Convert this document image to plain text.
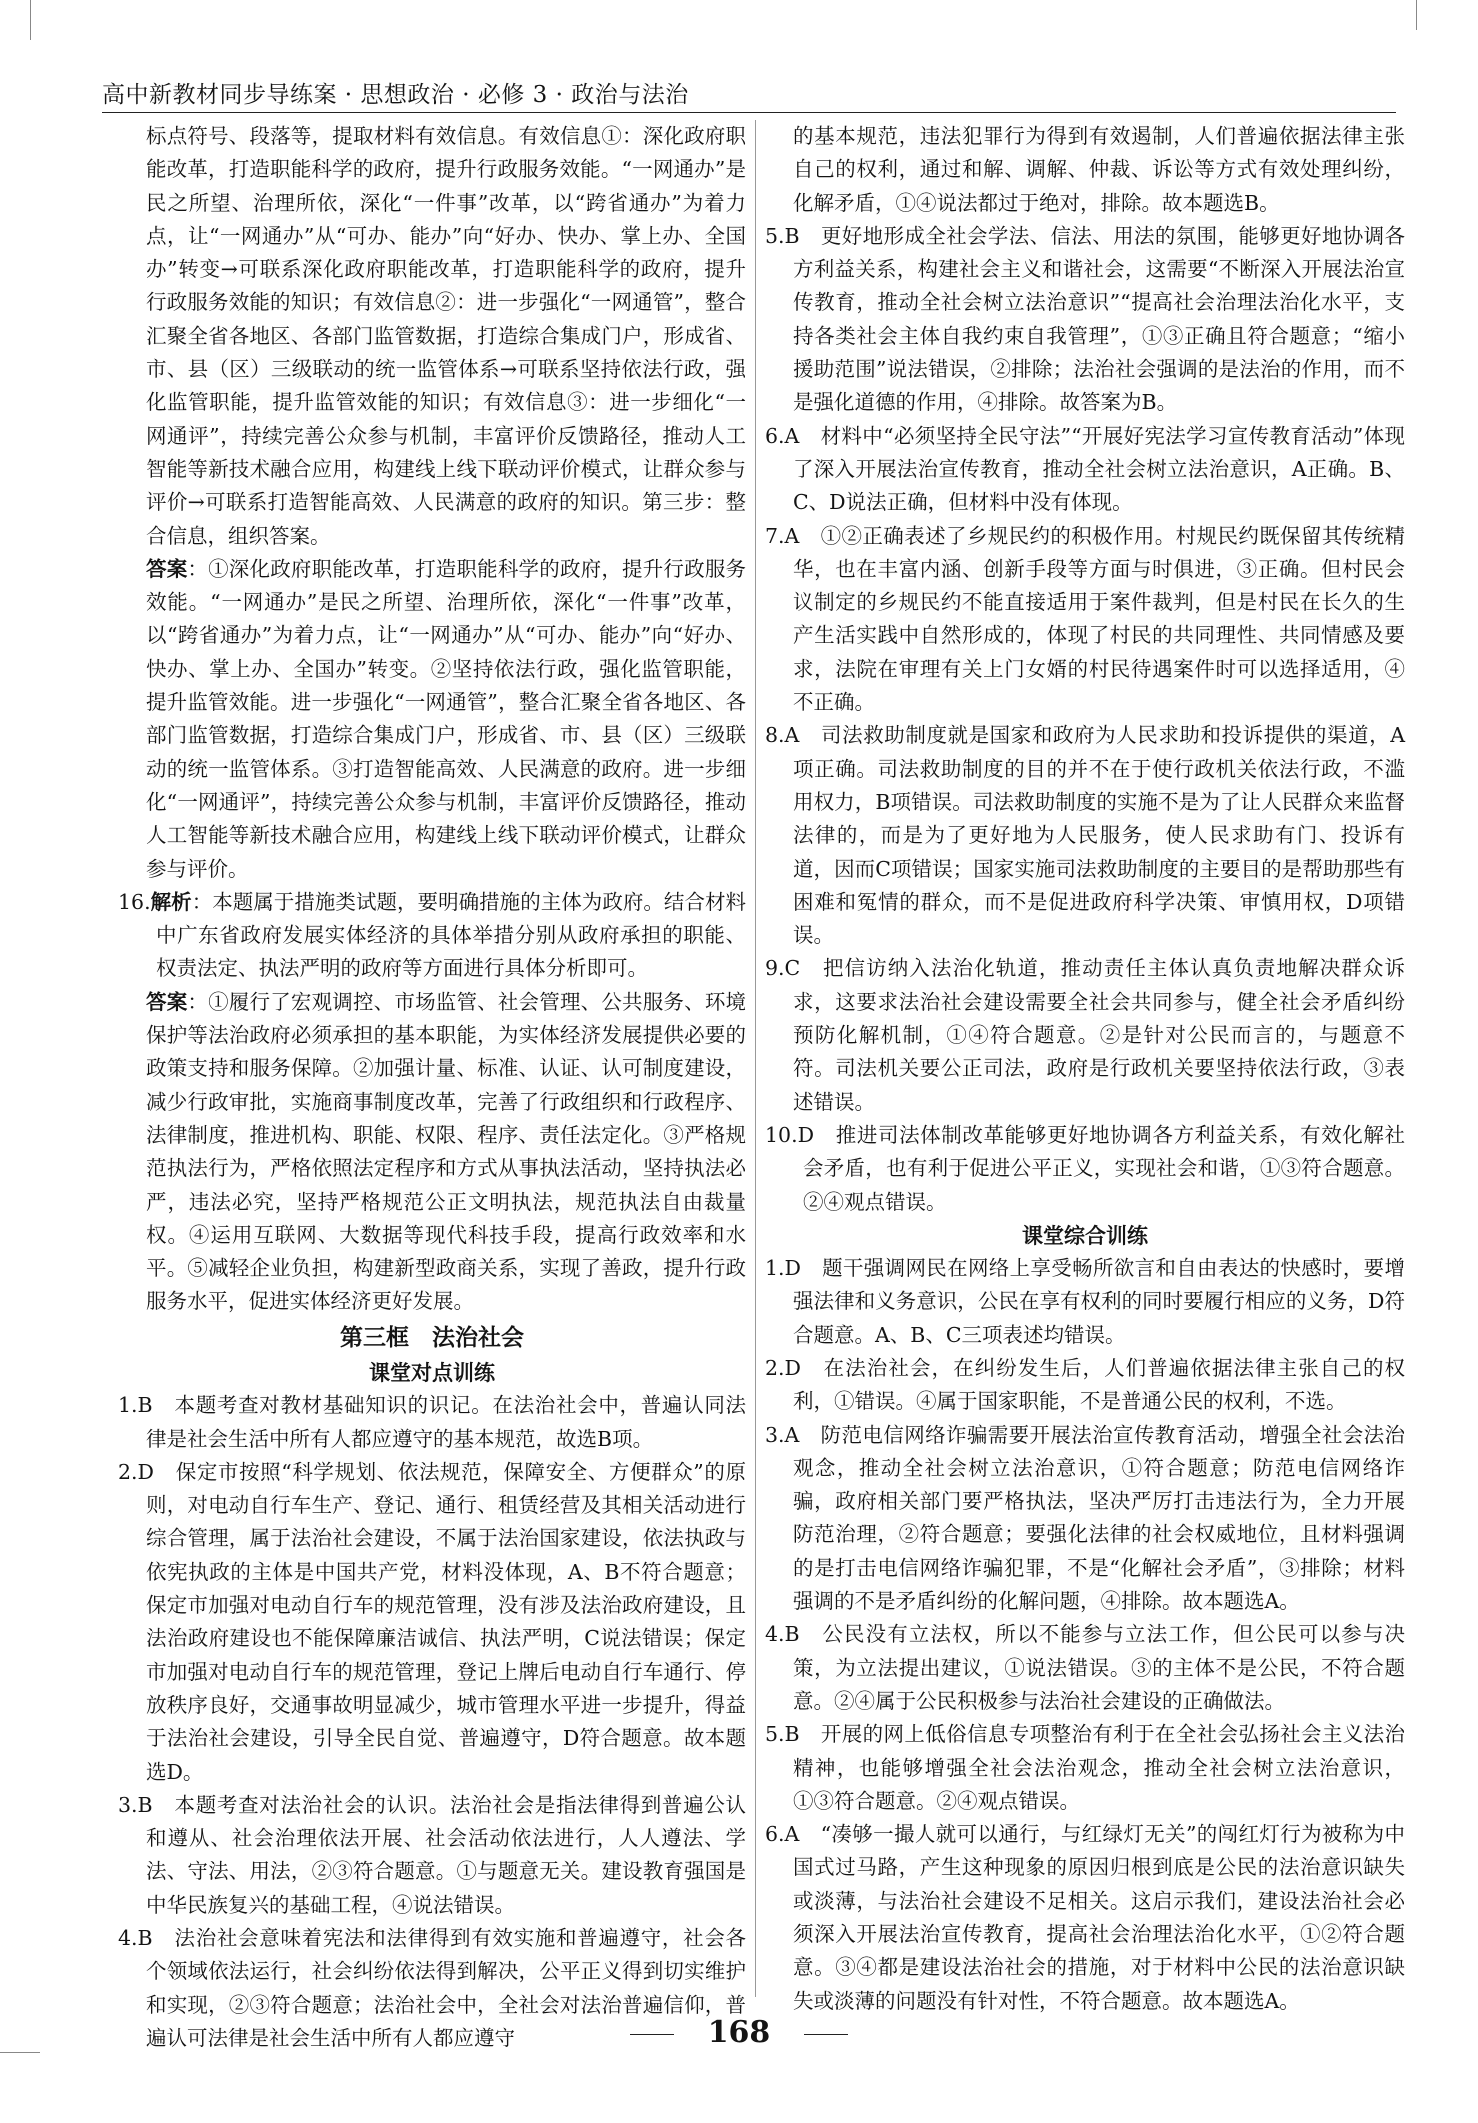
高中新教材同步导练案 · 思想政治 · 必修 3 · 政治与法治

标点符号、段落等，提取材料有效信息。有效信息①：深化政府职能改革，打造职能科学的政府，提升行政服务效能。“一网通办”是民之所望、治理所依，深化“一件事”改革，以“跨省通办”为着力点，让“一网通办”从“可办、能办”向“好办、快办、掌上办、全国办”转变→可联系深化政府职能改革，打造职能科学的政府，提升行政服务效能的知识；有效信息②：进一步强化“一网通管”，整合汇聚全省各地区、各部门监管数据，打造综合集成门户，形成省、市、县（区）三级联动的统一监管体系→可联系坚持依法行政，强化监管职能，提升监管效能的知识；有效信息③：进一步细化“一网通评”，持续完善公众参与机制，丰富评价反馈路径，推动人工智能等新技术融合应用，构建线上线下联动评价模式，让群众参与评价→可联系打造智能高效、人民满意的政府的知识。第三步：整合信息，组织答案。

答案：①深化政府职能改革，打造职能科学的政府，提升行政服务效能。“一网通办”是民之所望、治理所依，深化“一件事”改革，以“跨省通办”为着力点，让“一网通办”从“可办、能办”向“好办、快办、掌上办、全国办”转变。②坚持依法行政，强化监管职能，提升监管效能。进一步强化“一网通管”，整合汇聚全省各地区、各部门监管数据，打造综合集成门户，形成省、市、县（区）三级联动的统一监管体系。③打造智能高效、人民满意的政府。进一步细化“一网通评”，持续完善公众参与机制，丰富评价反馈路径，推动人工智能等新技术融合应用，构建线上线下联动评价模式，让群众参与评价。

16.解析：本题属于措施类试题，要明确措施的主体为政府。结合材料中广东省政府发展实体经济的具体举措分别从政府承担的职能、权责法定、执法严明的政府等方面进行具体分析即可。

答案：①履行了宏观调控、市场监管、社会管理、公共服务、环境保护等法治政府必须承担的基本职能，为实体经济发展提供必要的政策支持和服务保障。②加强计量、标准、认证、认可制度建设，减少行政审批，实施商事制度改革，完善了行政组织和行政程序、法律制度，推进机构、职能、权限、程序、责任法定化。③严格规范执法行为，严格依照法定程序和方式从事执法活动，坚持执法必严，违法必究，坚持严格规范公正文明执法，规范执法自由裁量权。④运用互联网、大数据等现代科技手段，提高行政效率和水平。⑤减轻企业负担，构建新型政商关系，实现了善政，提升行政服务水平，促进实体经济更好发展。

第三框　法治社会
课堂对点训练

1.B　 本题考查对教材基础知识的识记。在法治社会中，普遍认同法律是社会生活中所有人都应遵守的基本规范，故选B项。

2.D　 保定市按照“科学规划、依法规范，保障安全、方便群众”的原则，对电动自行车生产、登记、通行、租赁经营及其相关活动进行综合管理，属于法治社会建设，不属于法治国家建设，依法执政与依宪执政的主体是中国共产党，材料没体现，A、B不符合题意；保定市加强对电动自行车的规范管理，没有涉及法治政府建设，且法治政府建设也不能保障廉洁诚信、执法严明，C说法错误；保定市加强对电动自行车的规范管理，登记上牌后电动自行车通行、停放秩序良好，交通事故明显减少，城市管理水平进一步提升，得益于法治社会建设，引导全民自觉、普遍遵守，D符合题意。故本题选D。

3.B　 本题考查对法治社会的认识。法治社会是指法律得到普遍公认和遵从、社会治理依法开展、社会活动依法进行，人人遵法、学法、守法、用法，②③符合题意。①与题意无关。建设教育强国是中华民族复兴的基础工程，④说法错误。

4.B　 法治社会意味着宪法和法律得到有效实施和普遍遵守，社会各个领域依法运行，社会纠纷依法得到解决，公平正义得到切实维护和实现，②③符合题意；法治社会中，全社会对法治普遍信仰，普遍认可法律是社会生活中所有人都应遵守

的基本规范，违法犯罪行为得到有效遏制，人们普遍依据法律主张自己的权利，通过和解、调解、仲裁、诉讼等方式有效处理纠纷，化解矛盾，①④说法都过于绝对，排除。故本题选B。

5.B　 更好地形成全社会学法、信法、用法的氛围，能够更好地协调各方利益关系，构建社会主义和谐社会，这需要“不断深入开展法治宣传教育，推动全社会树立法治意识”“提高社会治理法治化水平，支持各类社会主体自我约束自我管理”，①③正确且符合题意；“缩小援助范围”说法错误，②排除；法治社会强调的是法治的作用，而不是强化道德的作用，④排除。故答案为B。

6.A　 材料中“必须坚持全民守法”“开展好宪法学习宣传教育活动”体现了深入开展法治宣传教育，推动全社会树立法治意识，A正确。B、C、D说法正确，但材料中没有体现。

7.A　 ①②正确表述了乡规民约的积极作用。村规民约既保留其传统精华，也在丰富内涵、创新手段等方面与时俱进，③正确。但村民会议制定的乡规民约不能直接适用于案件裁判，但是村民在长久的生产生活实践中自然形成的，体现了村民的共同理性、共同情感及要求，法院在审理有关上门女婿的村民待遇案件时可以选择适用，④不正确。

8.A　 司法救助制度就是国家和政府为人民求助和投诉提供的渠道，A项正确。司法救助制度的目的并不在于使行政机关依法行政，不滥用权力，B项错误。司法救助制度的实施不是为了让人民群众来监督法律的，而是为了更好地为人民服务，使人民求助有门、投诉有道，因而C项错误；国家实施司法救助制度的主要目的是帮助那些有困难和冤情的群众，而不是促进政府科学决策、审慎用权，D项错误。

9.C　 把信访纳入法治化轨道，推动责任主体认真负责地解决群众诉求，这要求法治社会建设需要全社会共同参与，健全社会矛盾纠纷预防化解机制，①④符合题意。②是针对公民而言的，与题意不符。司法机关要公正司法，政府是行政机关要坚持依法行政，③表述错误。

10.D　 推进司法体制改革能够更好地协调各方利益关系，有效化解社会矛盾，也有利于促进公平正义，实现社会和谐，①③符合题意。②④观点错误。

课堂综合训练

1.D　 题干强调网民在网络上享受畅所欲言和自由表达的快感时，要增强法律和义务意识，公民在享有权利的同时要履行相应的义务，D符合题意。A、B、C三项表述均错误。

2.D　 在法治社会，在纠纷发生后，人们普遍依据法律主张自己的权利，①错误。④属于国家职能，不是普通公民的权利，不选。

3.A　 防范电信网络诈骗需要开展法治宣传教育活动，增强全社会法治观念，推动全社会树立法治意识，①符合题意；防范电信网络诈骗，政府相关部门要严格执法，坚决严厉打击违法行为，全力开展防范治理，②符合题意；要强化法律的社会权威地位，且材料强调的是打击电信网络诈骗犯罪，不是“化解社会矛盾”，③排除；材料强调的不是矛盾纠纷的化解问题，④排除。故本题选A。

4.B　 公民没有立法权，所以不能参与立法工作，但公民可以参与决策，为立法提出建议，①说法错误。③的主体不是公民，不符合题意。②④属于公民积极参与法治社会建设的正确做法。

5.B　 开展的网上低俗信息专项整治有利于在全社会弘扬社会主义法治精神，也能够增强全社会法治观念，推动全社会树立法治意识，①③符合题意。②④观点错误。

6.A　 “凑够一撮人就可以通行，与红绿灯无关”的闯红灯行为被称为中国式过马路，产生这种现象的原因归根到底是公民的法治意识缺失或淡薄，与法治社会建设不足相关。这启示我们，建设法治社会必须深入开展法治宣传教育，提高社会治理法治化水平，①②符合题意。③④都是建设法治社会的措施，对于材料中公民的法治意识缺失或淡薄的问题没有针对性，不符合题意。故本题选A。

168
